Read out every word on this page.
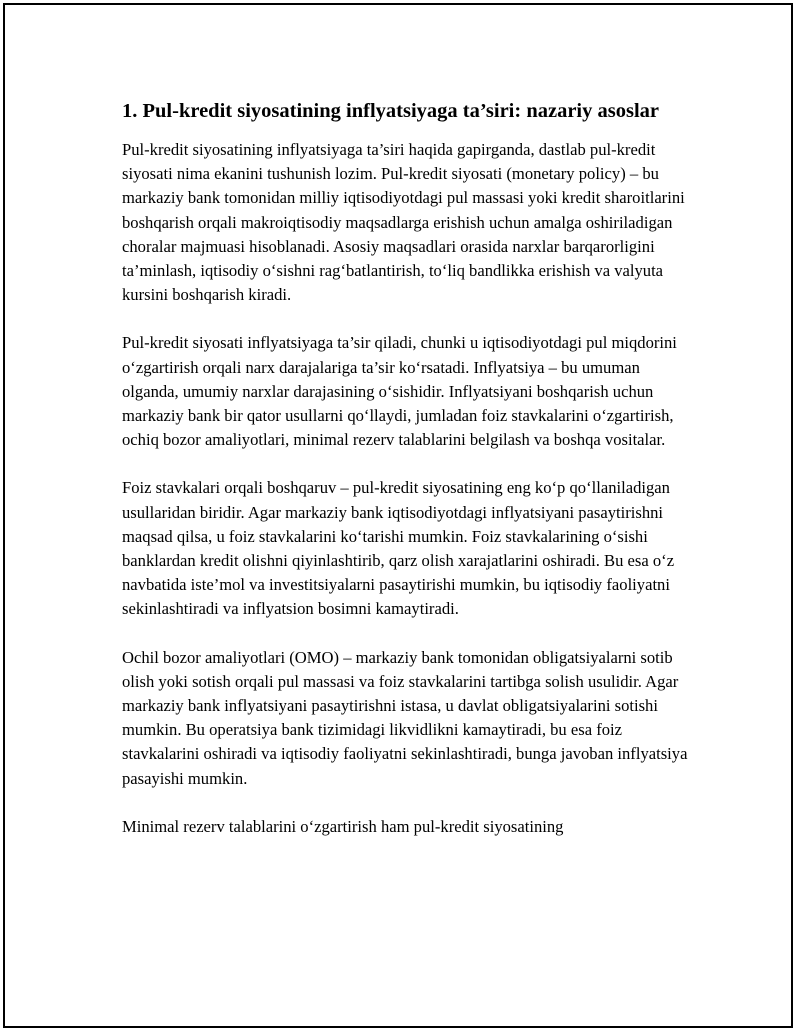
1. Pul-kredit siyosatining inflyatsiyaga ta’siri: nazariy asoslar

Pul-kredit siyosatining inflyatsiyaga ta’siri haqida gapirganda, dastlab pul-kredit siyosati nima ekanini tushunish lozim. Pul-kredit siyosati (monetary policy) – bu markaziy bank tomonidan milliy iqtisodiyotdagi pul massasi yoki kredit sharoitlarini boshqarish orqali makroiqtisodiy maqsadlarga erishish uchun amalga oshiriladigan choralar majmuasi hisoblanadi. Asosiy maqsadlari orasida narxlar barqarorligini ta’minlash, iqtisodiy o‘sishni rag‘batlantirish, to‘liq bandlikka erishish va valyuta kursini boshqarish kiradi.

Pul-kredit siyosati inflyatsiyaga ta’sir qiladi, chunki u iqtisodiyotdagi pul miqdorini o‘zgartirish orqali narx darajalariga ta’sir ko‘rsatadi. Inflyatsiya – bu umuman olganda, umumiy narxlar darajasining o‘sishidir. Inflyatsiyani boshqarish uchun markaziy bank bir qator usullarni qo‘llaydi, jumladan foiz stavkalarini o‘zgartirish, ochiq bozor amaliyotlari, minimal rezerv talablarini belgilash va boshqa vositalar.

Foiz stavkalari orqali boshqaruv – pul-kredit siyosatining eng ko‘p qo‘llaniladigan usullaridan biridir. Agar markaziy bank iqtisodiyotdagi inflyatsiyani pasaytirishni maqsad qilsa, u foiz stavkalarini ko‘tarishi mumkin. Foiz stavkalarining o‘sishi banklardan kredit olishni qiyinlashtirib, qarz olish xarajatlarini oshiradi. Bu esa o‘z navbatida iste’mol va investitsiyalarni pasaytirishi mumkin, bu iqtisodiy faoliyatni sekinlashtiradi va inflyatsion bosimni kamaytiradi.

Ochil bozor amaliyotlari (OMO) – markaziy bank tomonidan obligatsiyalarni sotib olish yoki sotish orqali pul massasi va foiz stavkalarini tartibga solish usulidir. Agar markaziy bank inflyatsiyani pasaytirishni istasa, u davlat obligatsiyalarini sotishi mumkin. Bu operatsiya bank tizimidagi likvidlikni kamaytiradi, bu esa foiz stavkalarini oshiradi va iqtisodiy faoliyatni sekinlashtiradi, bunga javoban inflyatsiya pasayishi mumkin.

Minimal rezerv talablarini o‘zgartirish ham pul-kredit siyosatining
